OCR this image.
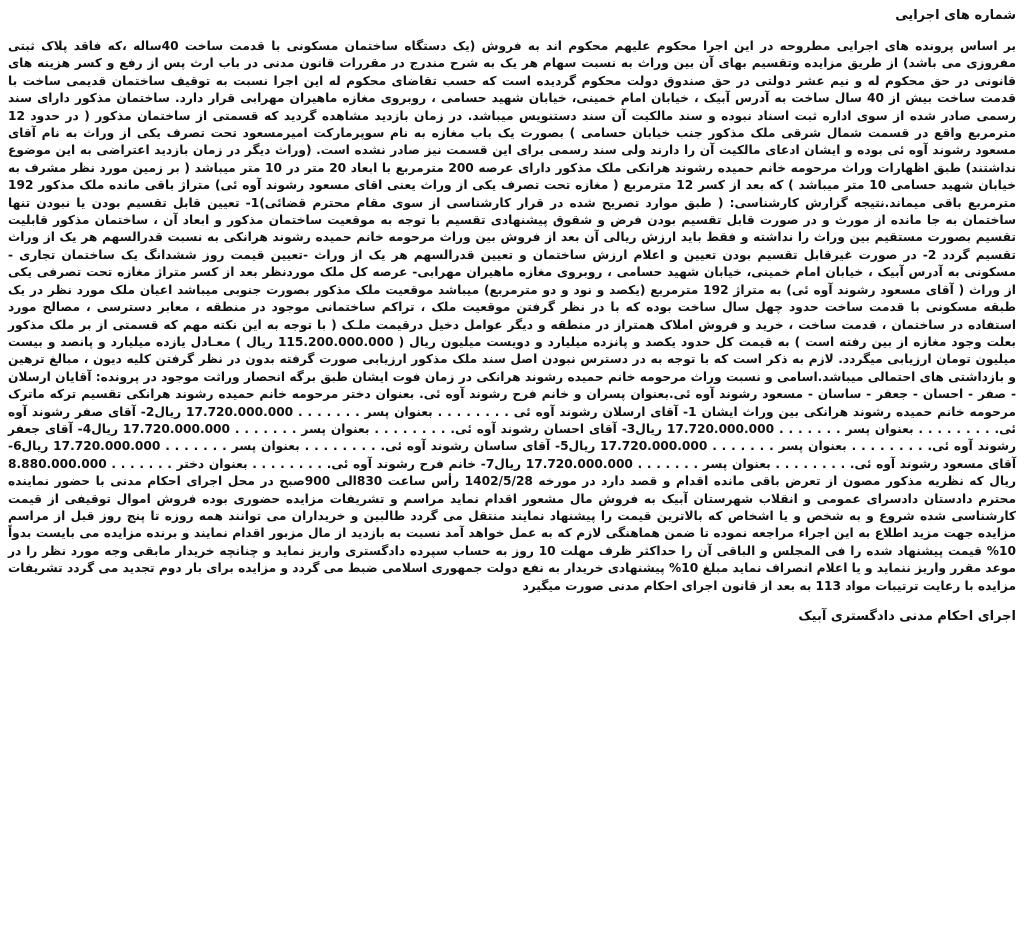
شماره های اجرایی

بر اساس پرونده های اجرایی مطروحه در این اجرا محکوم علیهم محکوم اند به فروش (یک دستگاه ساختمان مسکونی با قدمت ساخت 40ساله ،که فاقد پلاک ثبتی مفروزی می باشد) از طریق مزایده وتقسیم بهای آن بین وراث به نسبت سهام هر یک به شرح مندرج در مقررات قانون مدنی در باب ارث پس از رفع و کسر هزینه های قانونی در حق محکوم له و نیم عشر دولتی در حق صندوق دولت محکوم گردیده است که حسب تقاضای محکوم له این اجرا نسبت به توقیف ساختمان قدیمی ساخت با قدمت ساخت بیش از 40 سال ساخت به آدرس آبیک ، خیابان امام خمینی، خیابان شهید حسامی ، روبروی مغازه ماهیران مهرابی قرار دارد. ساختمان مذکور دارای سند رسمی صادر شده از سوی اداره ثبت اسناد نبوده و سند مالکیت آن سند دستنویس میباشد. در زمان بازدید مشاهده گردید که قسمتی از ساختمان مذکور ( در حدود 12 مترمربع واقع در قسمت شمال شرقی ملک مذکور جنب خیابان حسامی ) بصورت یک باب مغازه به نام سوپرمارکت امیرمسعود تحت تصرف یکی از وراث به نام آقای مسعود رشوند آوه ئی بوده و ایشان ادعای مالکیت آن را دارند ولی سند رسمی برای این قسمت نیز صادر نشده است. (وراث دیگر در زمان بازدید اعتراضی به این موضوع نداشتند) طبق اظهارات وراث مرحومه خانم حمیده رشوند هرانکی ملک مذکور دارای عرصه 200 مترمربع با ابعاد 20 متر در 10 متر میباشد ( بر زمین مورد نظر مشرف به خیابان شهید حسامی 10 متر میباشد ) که بعد از کسر 12 مترمربع ( مغازه تحت تصرف یکی از وراث یعنی اقای مسعود رشوند آوه ئی) متراژ باقی مانده ملک مذکور 192 مترمربع باقی میماند.نتیجه گزارش کارشناسی: ( طبق موارد تصریح شده در قرار کارشناسی از سوی مقام محترم قضائی)1- تعیین قابل تقسیم بودن یا نبودن تنها ساختمان به جا مانده از مورث و در صورت قابل تقسیم بودن فرض و شقوق پیشنهادی تقسیم با توجه به موقعیت ساختمان مذکور و ابعاد آن ، ساختمان مذکور قابلیت تقسیم بصورت مستقیم بین وراث را نداشته و فقط باید ارزش ریالی آن بعد از فروش بین وراث مرحومه خانم حمیده رشوند هرانکی به نسبت قدرالسهم هر یک از وراث تقسیم گردد 2- در صورت غیرقابل تقسیم بودن تعیین و اعلام ارزش ساختمان و تعیین قدرالسهم هر یک از وراث -تعیین قیمت روز ششدانگ یک ساختمان تجاری - مسکونی به آدرس آبیک ، خیابان امام خمینی، خیابان شهید حسامی ، روبروی مغازه ماهیران مهرابی- عرصه کل ملک موردنظر بعد از کسر متراژ مغازه تحت تصرفی یکی از وراث ( آقای مسعود رشوند آوه ئی) به متراژ 192 مترمربع (یکصد و نود و دو مترمربع) میباشد موقعیت ملک مذکور بصورت جنوبی میباشد اعیان ملک مورد نظر در یک طبقه مسکونی با قدمت ساخت حدود چهل سال ساخت بوده که با در نظر گرفتن موقعیت ملک ، تراکم ساختمانی موجود در منطقه ، معابر دسترسی ، مصالح مورد استفاده در ساختمان ، قدمت ساخت ، خرید و فروش املاک همتراز در منطقه و دیگر عوامل دخیل درقیمت ملـک ( با توجه به این نکته مهم که قسمتی از بر ملک مذکور بعلت وجود مغازه از بین رفته است ) به قیمت کل حدود یکصد و پانزده میلیارد و دویست میلیون ریال ( 115.200.000.000 ریال ) معـادل یازده میلیارد و پانصد و بیست میلیون تومان ارزیابی میگردد. لازم به ذکر است که با توجه به در دسترس نبودن اصل سند ملک مذکور ارزیابی صورت گرفته بدون در نظر گرفتن کلیه دیون ، مبالغ ترهین و بازداشتی های احتمالی میباشد.اسامی و نسبت وراث مرحومه خانم حمیده رشوند هرانکی در زمان فوت ایشان طبق برگه انحصار وراثت موجود در پرونده: آقایان ارسلان - صفر - احسان - جعفر - ساسان - مسعود رشوند آوه ئی.بعنوان پسران و خانم فرح رشوند آوه ئی. بعنوان دختر مرحومه خانم حمیده رشوند هرانکی تقسیم ترکه ماترک مرحومه خانم حمیده رشوند هرانکی بین وراث ایشان 1- آقای ارسلان رشوند آوه ئی . . . . . . . . بعنوان پسر . . . . . . . 17.720.000.000 ریال2- آقای صفر رشوند آوه ئی. . . . . . . . . بعنوان پسر . . . . . . . 17.720.000.000 ریال3- آقای احسان رشوند آوه ئی. . . . . . . . . بعنوان پسر . . . . . . . 17.720.000.000 ریال4- آقای جعفر رشوند آوه ئی. . . . . . . . . بعنوان پسر . . . . . . . 17.720.000.000 ریال5- آقای ساسان رشوند آوه ئی. . . . . . . . . بعنوان پسر . . . . . . . 17.720.000.000 ریال6- آقای مسعود رشوند آوه ئی. . . . . . . . . بعنوان پسر . . . . . . . 17.720.000.000 ریال7- خانم فرح رشوند آوه ئی. . . . . . . . . بعنوان دختر . . . . . . . 8.880.000.000 ریال که نظریه مذکور مصون از تعرض باقی مانده اقدام و قصد دارد در مورخه 1402/5/28 رأس ساعت 830الی 900صبح در محل اجرای احکام مدنی با حضور نماینده محترم دادستان دادسرای عمومی و انقلاب شهرستان آبیک به فروش مال مشعور اقدام نماید مراسم و تشریفات مزایده حضوری بوده فروش اموال توقیفی از قیمت کارشناسی شده شروع و به شخص و یا اشخاص که بالاترین قیمت را پیشنهاد نمایند منتقل می گردد طالبین و خریداران می توانند همه روزه تا پنج روز قبل از مراسم مزایده جهت مزید اطلاع به این اجراء مراجعه نموده تا ضمن هماهنگی لازم که به عمل خواهد آمد نسبت به بازدید از مال مزبور اقدام نمایند و برنده مزایده می بایست بدواً 10% قیمت پیشنهاد شده را فی المجلس و الباقی آن را حداکثر ظرف مهلت 10 روز به حساب سپرده دادگستری واریز نماید و چنانچه خریدار مابقی وجه مورد نظر را در موعد مقرر واریز ننماید و یا اعلام انصراف نماید مبلغ 10% پیشنهادی خریدار به نفع دولت جمهوری اسلامی ضبط می گردد و مزایده برای بار دوم تجدید می گردد تشریفات مزایده با رعایت ترتیبات مواد 113 به بعد از قانون اجرای احکام مدنی صورت میگیرد

اجرای احکام مدنی دادگستری آبیک
